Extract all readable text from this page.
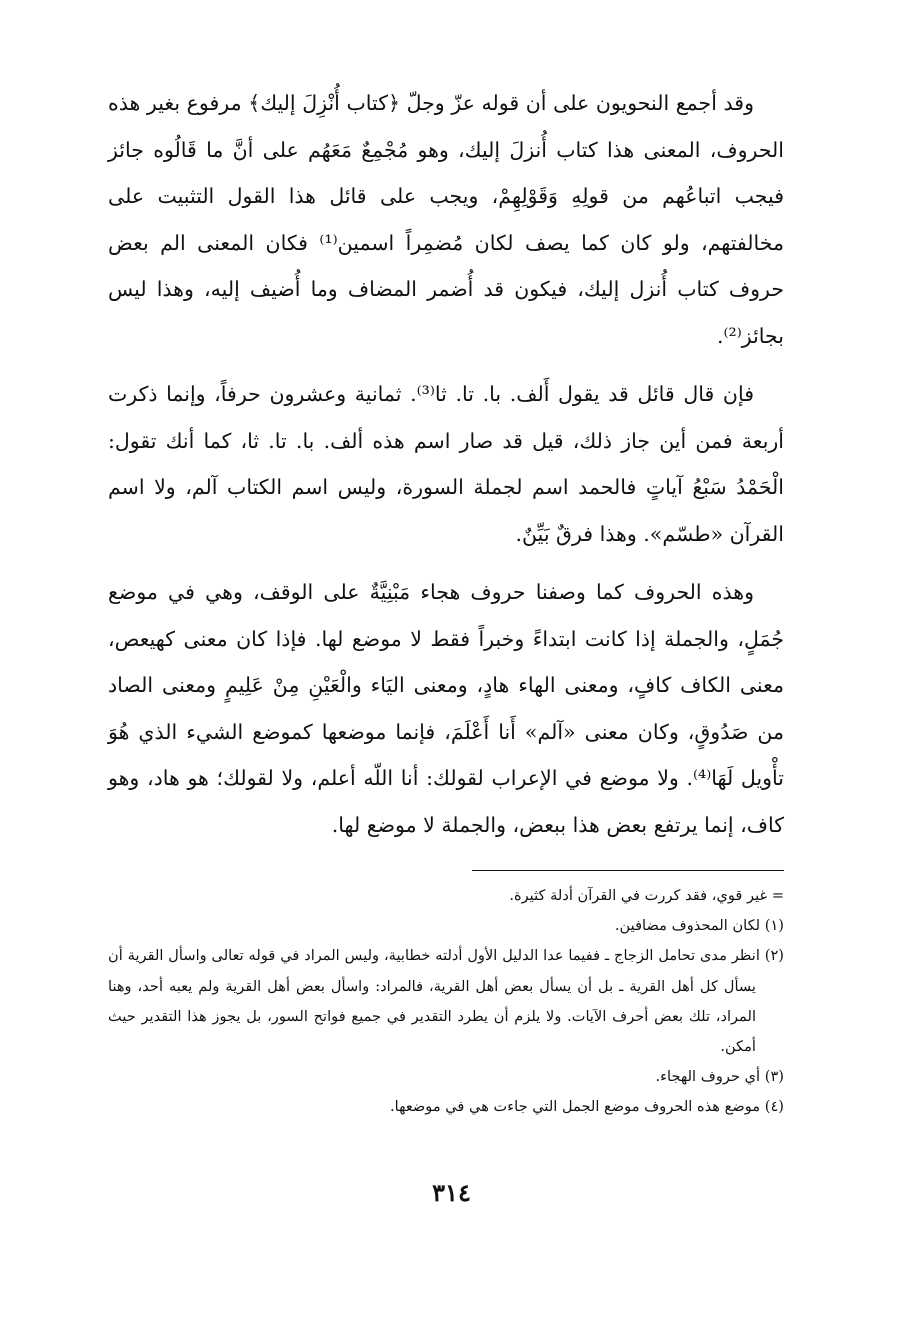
وقد أجمع النحويون على أن قوله عزّ وجلّ ﴿كتاب أُنْزِلَ إليك﴾ مرفوع بغير هذه الحروف، المعنى هذا كتاب أُنزلَ إليك، وهو مُجْمِعٌ مَعَهُم على أنَّ ما قَالُوه جائز فيجب اتباعُهم من قولِهِ وَقَوْلِهِمْ، ويجب على قائل هذا القول التثبيت على مخالفتهم، ولو كان كما يصف لكان مُضمِراً اسمين⁽¹⁾ فكان المعنى الم بعض حروف كتاب أُنزل إليك، فيكون قد أُضمر المضاف وما أُضيف إليه، وهذا ليس بجائز⁽²⁾.

فإن قال قائل قد يقول أَلف. با. تا. ثا⁽³⁾. ثمانية وعشرون حرفاً، وإنما ذكرت أربعة فمن أين جاز ذلك، قيل قد صار اسم هذه ألف. با. تا. ثا، كما أنك تقول: الْحَمْدُ سَبْعُ آياتٍ فالحمد اسم لجملة السورة، وليس اسم الكتاب آلم، ولا اسم القرآن «طسّم». وهذا فرقٌ بَيِّنٌ.

وهذه الحروف كما وصفنا حروف هجاء مَبْنِيَّةٌ على الوقف، وهي في موضع جُمَلٍ، والجملة إذا كانت ابتداءً وخبراً فقط لا موضع لها. فإذا كان معنى كهيعص، معنى الكاف كافٍ، ومعنى الهاء هادٍ، ومعنى اليَاء والْعَيْنِ مِنْ عَلِيمٍ ومعنى الصاد من صَدُوقٍ، وكان معنى «آلم» أَنا أَعْلَمَ، فإنما موضعها كموضع الشيء الذي هُوَ تأْويل لَهَا⁽⁴⁾. ولا موضع في الإعراب لقولك: أنا اللّه أعلم، ولا لقولك؛ هو هاد، وهو كاف، إنما يرتفع بعض هذا ببعض، والجملة لا موضع لها.

= غير قوي، فقد كررت في القرآن أدلة كثيرة.

(١) لكان المحذوف مضافين.

(٢) انظر مدى تحامل الزجاج ـ ففيما عدا الدليل الأول أدلته خطابية، وليس المراد في قوله تعالى واسأل القرية أن يسأل كل أهل القرية ـ بل أن يسأل بعض أهل القرية، فالمراد: واسأل بعض أهل القرية ولم يعبه أحد، وهنا المراد، تلك بعض أحرف الآيات. ولا يلزم أن يطرد التقدير في جميع فواتح السور، بل يجوز هذا التقدير حيث أمكن.

(٣) أي حروف الهجاء.

(٤) موضع هذه الحروف موضع الجمل التي جاءت هي في موضعها.

٣١٤
